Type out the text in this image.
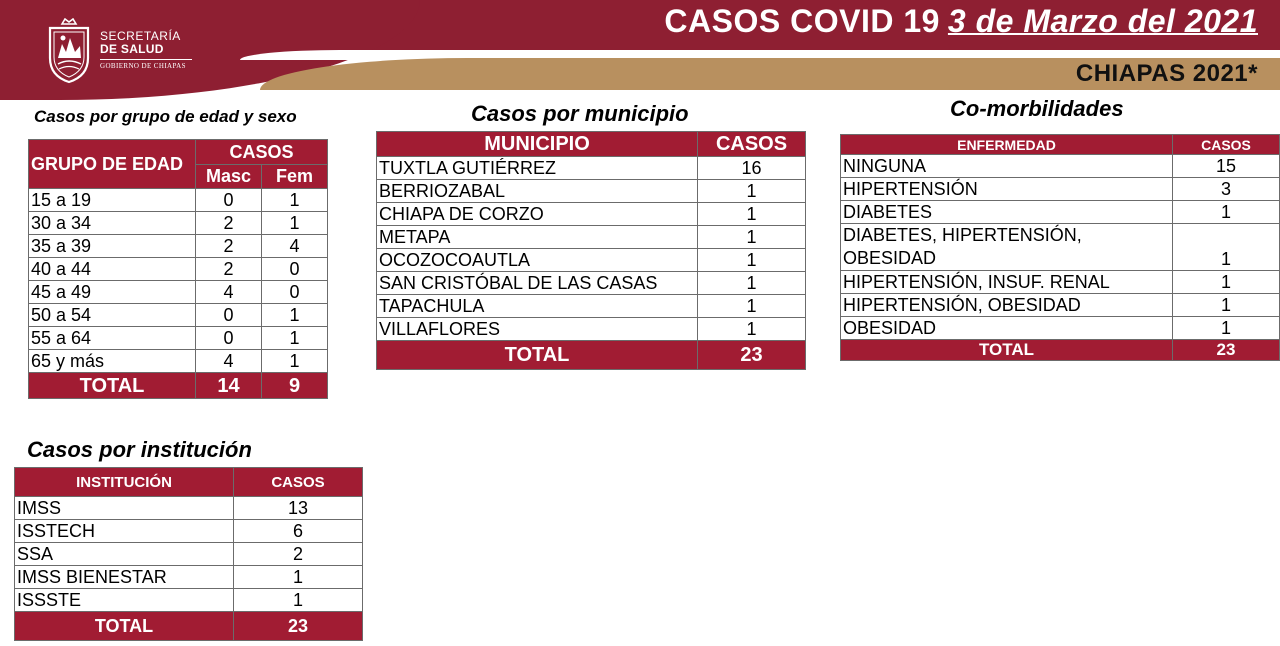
SECRETARÍA
DE SALUD
GOBIERNO DE CHIAPAS
CASOS COVID 19 3 de Marzo del 2021
CHIAPAS 2021*
Casos por grupo de edad y sexo
GRUPO DE EDAD	CASOS	
	Masc	Fem
15 a 19	0	1
30 a 34	2	1
35 a 39	2	4
40 a 44	2	0
45 a 49	4	0
50 a 54	0	1
55 a 64	0	1
65 y más	4	1
TOTAL	14	9
Casos por municipio
MUNICIPIO	CASOS
TUXTLA GUTIÉRREZ	16
BERRIOZABAL	1
CHIAPA DE CORZO	1
METAPA	1
OCOZOCOAUTLA	1
SAN CRISTÓBAL DE LAS CASAS	1
TAPACHULA	1
VILLAFLORES	1
TOTAL	23
Co-morbilidades
ENFERMEDAD	CASOS
NINGUNA	15
HIPERTENSIÓN	3
DIABETES	1
DIABETES, HIPERTENSIÓN, OBESIDAD	1
HIPERTENSIÓN, INSUF. RENAL	1
HIPERTENSIÓN, OBESIDAD	1
OBESIDAD	1
TOTAL	23
Casos por institución
INSTITUCIÓN	CASOS
IMSS	13
ISSTECH	6
SSA	2
IMSS BIENESTAR	1
ISSSTE	1
TOTAL	23
